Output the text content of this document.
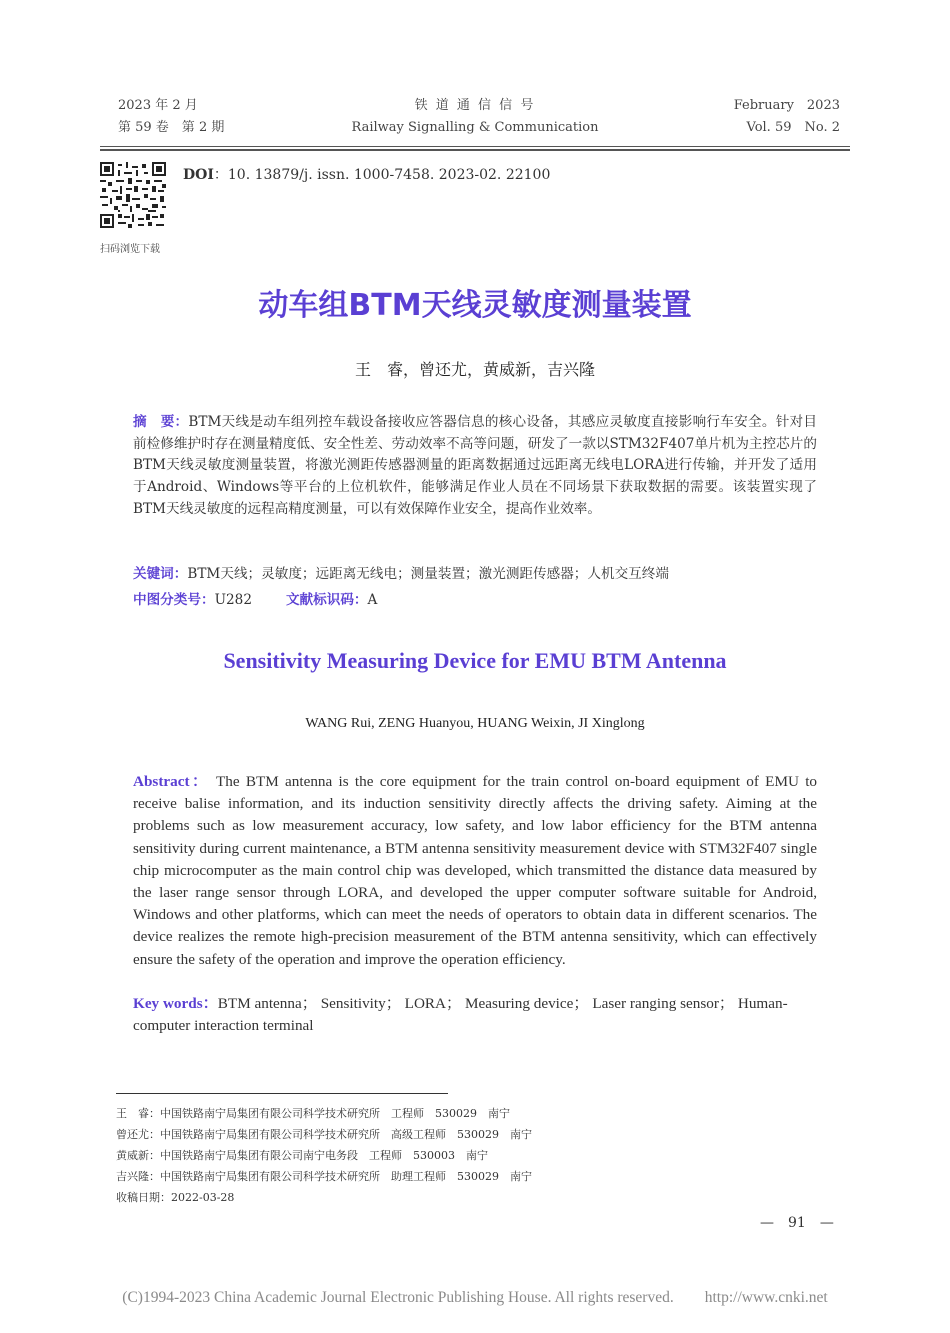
2023 年 2 月
第 59 卷　第 2 期
铁 道 通 信 信 号
Railway Signalling & Communication
February　2023
Vol. 59　No. 2
扫码浏览下载
DOI：10. 13879/j. issn. 1000-7458. 2023-02. 22100
动车组BTM天线灵敏度测量装置
王　睿，曾还尤，黄威新，吉兴隆
摘　要：BTM天线是动车组列控车载设备接收应答器信息的核心设备，其感应灵敏度直接影响行车安全。针对目前检修维护时存在测量精度低、安全性差、劳动效率不高等问题，研发了一款以STM32F407单片机为主控芯片的BTM天线灵敏度测量装置，将激光测距传感器测量的距离数据通过远距离无线电LORA进行传输，并开发了适用于Android、Windows等平台的上位机软件，能够满足作业人员在不同场景下获取数据的需要。该装置实现了BTM天线灵敏度的远程高精度测量，可以有效保障作业安全，提高作业效率。
关键词：BTM天线；灵敏度；远距离无线电；测量装置；激光测距传感器；人机交互终端
中图分类号：U282	文献标识码：A
Sensitivity Measuring Device for EMU BTM Antenna
WANG Rui, ZENG Huanyou, HUANG Weixin, JI Xinglong
Abstract： The BTM antenna is the core equipment for the train control on-board equipment of EMU to receive balise information, and its induction sensitivity directly affects the driving safety. Aiming at the problems such as low measurement accuracy, low safety, and low labor efficiency for the BTM antenna sensitivity during current maintenance, a BTM antenna sensitivity measurement device with STM32F407 single chip microcomputer as the main control chip was developed, which transmitted the distance data measured by the laser range sensor through LORA, and developed the upper computer software suitable for Android, Windows and other platforms, which can meet the needs of operators to obtain data in different scenarios. The device realizes the remote high-precision measurement of the BTM antenna sensitivity, which can effectively ensure the safety of the operation and improve the operation efficiency.
Key words：BTM antenna； Sensitivity； LORA； Measuring device； Laser ranging sensor； Human-computer interaction terminal
王　睿：中国铁路南宁局集团有限公司科学技术研究所　工程师　530029　南宁
曾还尤：中国铁路南宁局集团有限公司科学技术研究所　高级工程师　530029　南宁
黄威新：中国铁路南宁局集团有限公司南宁电务段　工程师　530003　南宁
吉兴隆：中国铁路南宁局集团有限公司科学技术研究所　助理工程师　530029　南宁
收稿日期：2022-03-28
—　91　—
(C)1994-2023 China Academic Journal Electronic Publishing House. All rights reserved.　　http://www.cnki.net
